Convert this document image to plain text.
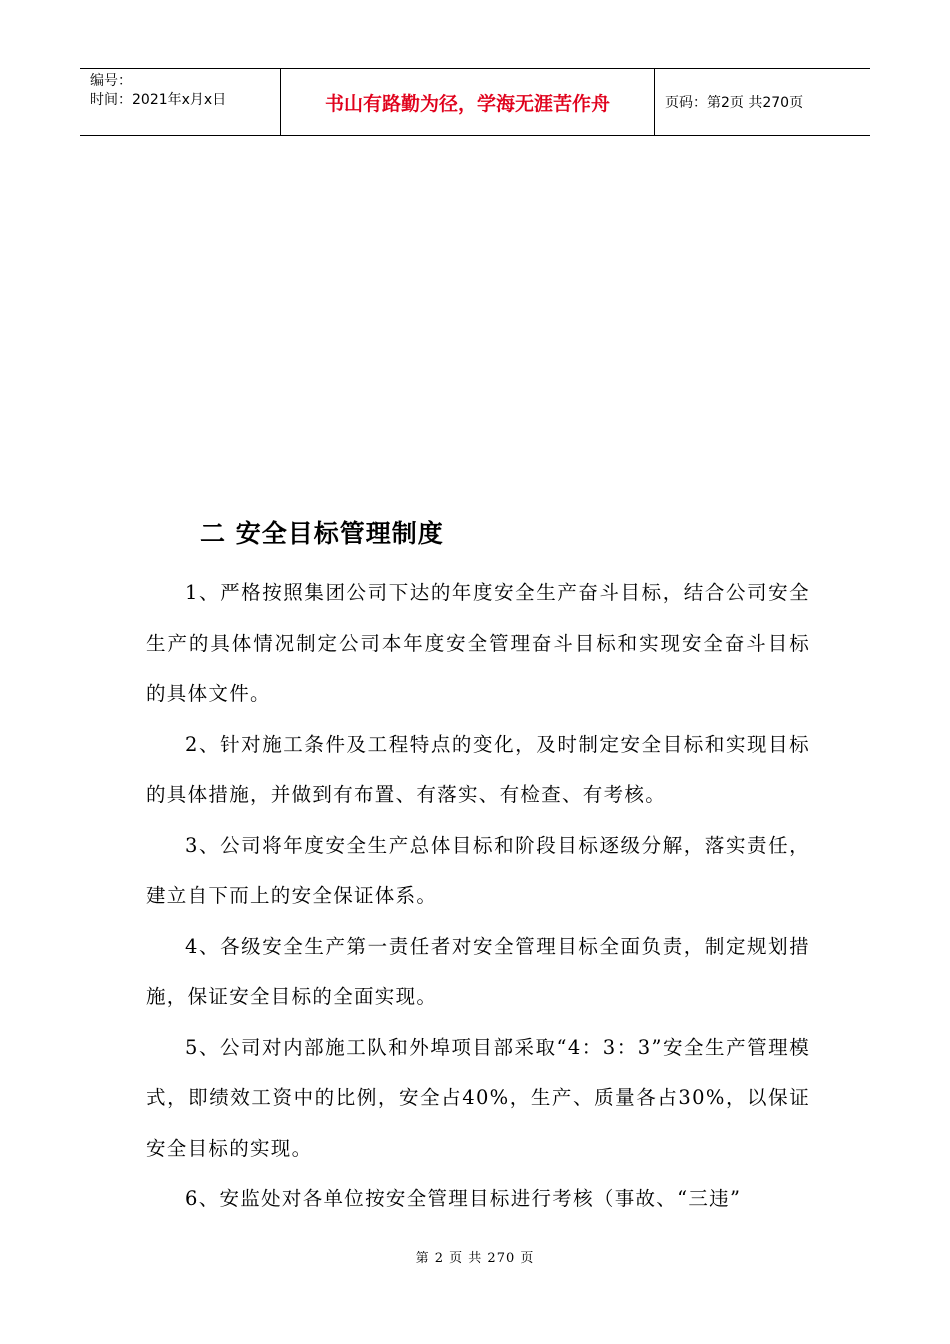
编号：
时间：2021年x月x日	书山有路勤为径，学海无涯苦作舟	页码：第2页 共270页
二 安全目标管理制度

1、严格按照集团公司下达的年度安全生产奋斗目标，结合公司安全生产的具体情况制定公司本年度安全管理奋斗目标和实现安全奋斗目标的具体文件。

2、针对施工条件及工程特点的变化，及时制定安全目标和实现目标的具体措施，并做到有布置、有落实、有检查、有考核。

3、公司将年度安全生产总体目标和阶段目标逐级分解，落实责任，建立自下而上的安全保证体系。

4、各级安全生产第一责任者对安全管理目标全面负责，制定规划措施，保证安全目标的全面实现。

5、公司对内部施工队和外埠项目部采取“4：3：3”安全生产管理模式，即绩效工资中的比例，安全占40%，生产、质量各占30%，以保证安全目标的实现。

6、安监处对各单位按安全管理目标进行考核（事故、“三违”

第 2 页 共 270 页
